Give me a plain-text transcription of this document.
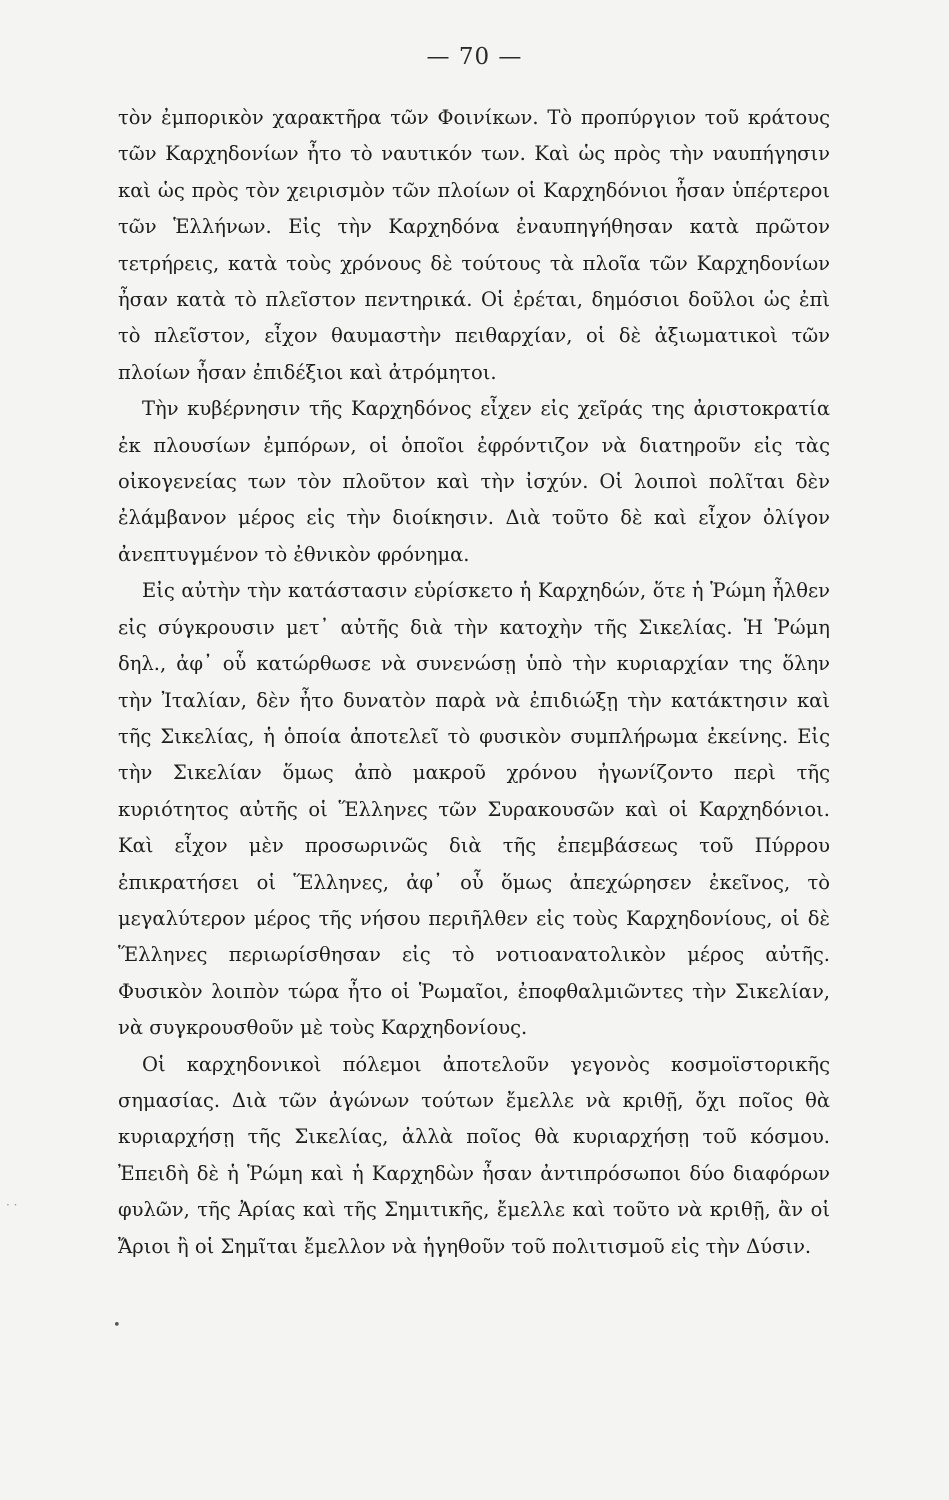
— 70 —

τὸν ἐμπορικὸν χαρακτῆρα τῶν Φοινίκων. Τὸ προπύργιον τοῦ κράτους τῶν Καρχηδονίων ἦτο τὸ ναυτικόν των. Καὶ ὡς πρὸς τὴν ναυπήγησιν καὶ ὡς πρὸς τὸν χειρισμὸν τῶν πλοίων οἱ Καρχηδόνιοι ἦσαν ὑπέρτεροι τῶν Ἑλλήνων. Εἰς τὴν Καρχηδόνα ἐναυπηγήθησαν κατὰ πρῶτον τετρήρεις, κατὰ τοὺς χρόνους δὲ τούτους τὰ πλοῖα τῶν Καρχηδονίων ἦσαν κατὰ τὸ πλεῖστον πεντηρικά. Οἱ ἐρέται, δημόσιοι δοῦλοι ὡς ἐπὶ τὸ πλεῖστον, εἶχον θαυμαστὴν πειθαρχίαν, οἱ δὲ ἀξιωματικοὶ τῶν πλοίων ἦσαν ἐπιδέξιοι καὶ ἀτρόμητοι.

Τὴν κυβέρνησιν τῆς Καρχηδόνος εἶχεν εἰς χεῖράς της ἀριστοκρατία ἐκ πλουσίων ἐμπόρων, οἱ ὁποῖοι ἐφρόντιζον νὰ διατηροῦν εἰς τὰς οἰκογενείας των τὸν πλοῦτον καὶ τὴν ἰσχύν. Οἱ λοιποὶ πολῖται δὲν ἐλάμβανον μέρος εἰς τὴν διοίκησιν. Διὰ τοῦτο δὲ καὶ εἶχον ὀλίγον ἀνεπτυγμένον τὸ ἐθνικὸν φρόνημα.

Εἰς αὐτὴν τὴν κατάστασιν εὑρίσκετο ἡ Καρχηδών, ὅτε ἡ Ῥώμη ἦλθεν εἰς σύγκρουσιν μετ᾽ αὐτῆς διὰ τὴν κατοχὴν τῆς Σικελίας. Ἡ Ῥώμη δηλ., ἀφ᾽ οὗ κατώρθωσε νὰ συνενώσῃ ὑπὸ τὴν κυριαρχίαν της ὅλην τὴν Ἰταλίαν, δὲν ἦτο δυνατὸν παρὰ νὰ ἐπιδιώξῃ τὴν κατάκτησιν καὶ τῆς Σικελίας, ἡ ὁποία ἀποτελεῖ τὸ φυσικὸν συμπλήρωμα ἐκείνης. Εἰς τὴν Σικελίαν ὅμως ἀπὸ μακροῦ χρόνου ἠγωνίζοντο περὶ τῆς κυριότητος αὐτῆς οἱ Ἕλληνες τῶν Συρακουσῶν καὶ οἱ Καρχηδόνιοι. Καὶ εἶχον μὲν προσωρινῶς διὰ τῆς ἐπεμβάσεως τοῦ Πύρρου ἐπικρατήσει οἱ Ἕλληνες, ἀφ᾽ οὗ ὅμως ἀπεχώρησεν ἐκεῖνος, τὸ μεγαλύτερον μέρος τῆς νήσου περιῆλθεν εἰς τοὺς Καρχηδονίους, οἱ δὲ Ἕλληνες περιωρίσθησαν εἰς τὸ νοτιοανατολικὸν μέρος αὐτῆς. Φυσικὸν λοιπὸν τώρα ἦτο οἱ Ῥωμαῖοι, ἐποφθαλμιῶντες τὴν Σικελίαν, νὰ συγκρουσθοῦν μὲ τοὺς Καρχηδονίους.

Οἱ καρχηδονικοὶ πόλεμοι ἀποτελοῦν γεγονὸς κοσμοϊστορικῆς σημασίας. Διὰ τῶν ἀγώνων τούτων ἔμελλε νὰ κριθῇ, ὄχι ποῖος θὰ κυριαρχήσῃ τῆς Σικελίας, ἀλλὰ ποῖος θὰ κυριαρχήσῃ τοῦ κόσμου. Ἐπειδὴ δὲ ἡ Ῥώμη καὶ ἡ Καρχηδὼν ἦσαν ἀντιπρόσωποι δύο διαφόρων φυλῶν, τῆς Ἀρίας καὶ τῆς Σημιτικῆς, ἔμελλε καὶ τοῦτο νὰ κριθῇ, ἂν οἱ Ἄριοι ἢ οἱ Σημῖται ἔμελλον νὰ ἡγηθοῦν τοῦ πολιτισμοῦ εἰς τὴν Δύσιν.

· ·
•
